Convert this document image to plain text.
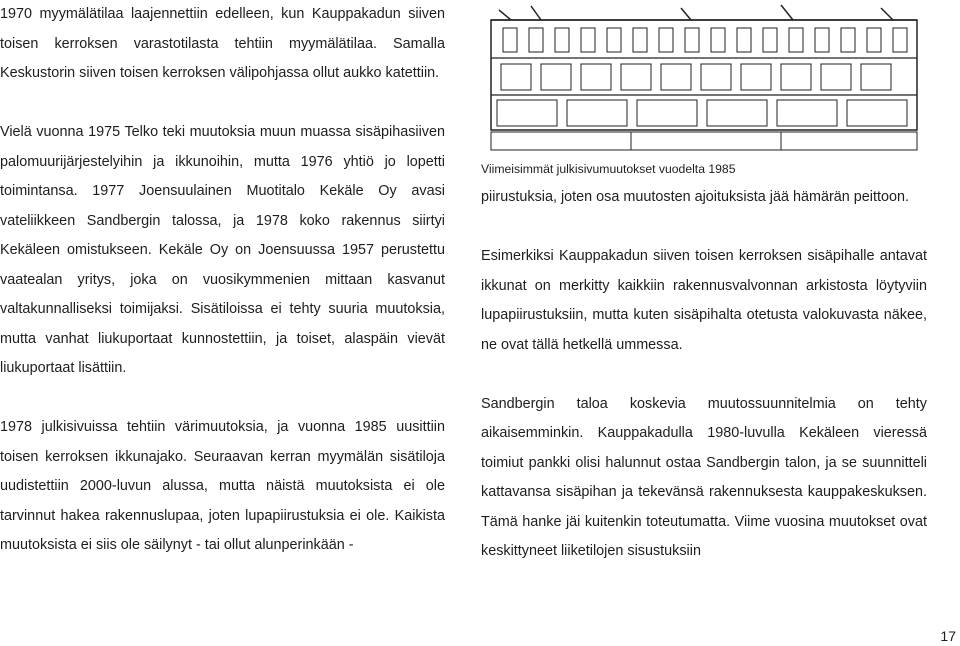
1970 myymälätilaa laajennettiin edelleen, kun Kauppakadun siiven toisen kerroksen varastotilasta tehtiin myymälätilaa. Samalla Keskustorin siiven toisen kerroksen välipohjassa ollut aukko katettiin.

Vielä vuonna 1975 Telko teki muutoksia muun muassa sisäpihasiiven palomuurijärjestelyihin ja ikkunoihin, mutta 1976 yhtiö jo lopetti toimintansa. 1977 Joensuulainen Muotitalo Kekäle Oy avasi vateliikkeen Sandbergin talossa, ja 1978 koko rakennus siirtyi Kekäleen omistukseen. Kekäle Oy on Joensuussa 1957 perustettu vaatealan yritys, joka on vuosikymmenien mittaan kasvanut valtakunnalliseksi toimijaksi. Sisätiloissa ei tehty suuria muutoksia, mutta vanhat liukuportaat kunnostettiin, ja toiset, alaspäin vievät liukuportaat lisättiin.

1978 julkisivuissa tehtiin värimuutoksia, ja vuonna 1985 uusittiin toisen kerroksen ikkunajako. Seuraavan kerran myymälän sisätiloja uudistettiin 2000-luvun alussa, mutta näistä muutoksista ei ole tarvinnut hakea rakennuslupaa, joten lupapiirustuksia ei ole. Kaikista muutoksista ei siis ole säilynyt - tai ollut alunperinkään -

Viimeisimmät julkisivumuutokset vuodelta 1985

piirustuksia, joten osa muutosten ajoituksista jää hämärän peittoon.

Esimerkiksi Kauppakadun siiven toisen kerroksen sisäpihalle antavat ikkunat on merkitty kaikkiin rakennusvalvonnan arkistosta löytyviin lupapiirustuksiin, mutta kuten sisäpihalta otetusta valokuvasta näkee, ne ovat tällä hetkellä ummessa.

Sandbergin taloa koskevia muutossuunnitelmia on tehty aikaisemminkin. Kauppakadulla 1980-luvulla Kekäleen vieressä toimiut pankki olisi halunnut ostaa Sandbergin talon, ja se suunnitteli kattavansa sisäpihan ja tekevänsä rakennuksesta kauppakeskuksen. Tämä hanke jäi kuitenkin toteutumatta. Viime vuosina muutokset ovat keskittyneet liiketilojen sisustuksiin

17
